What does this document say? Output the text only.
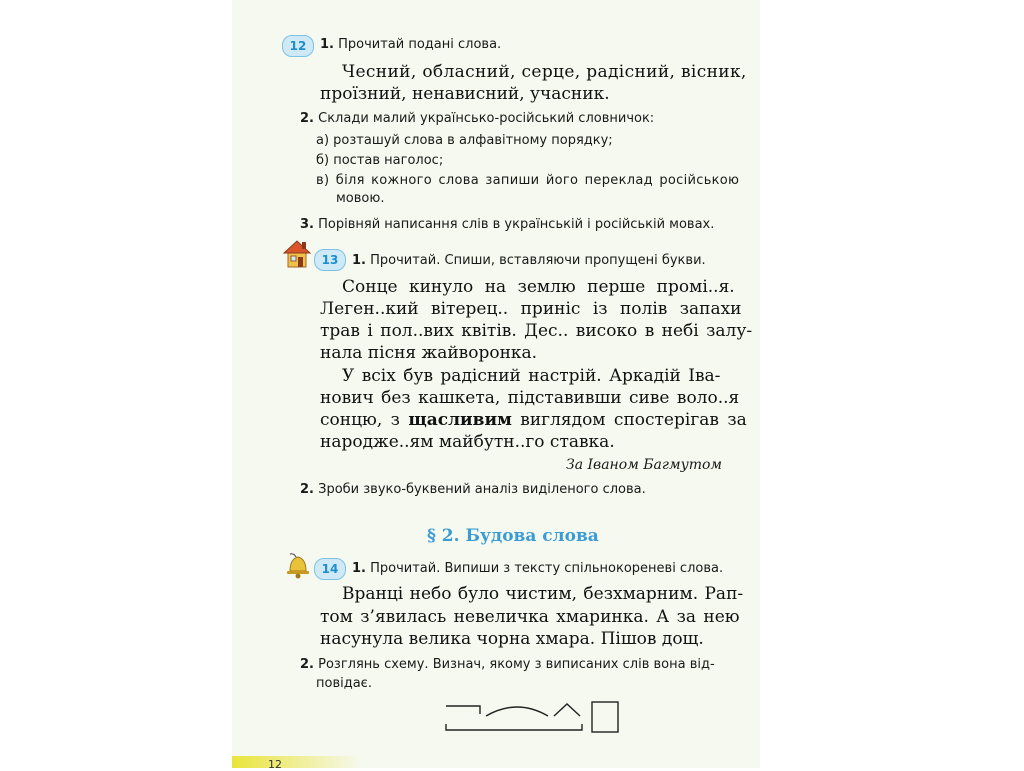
12	1. Прочитай подані слова.
Чесний, обласний, серце, радісний, вісник,
проїзний, ненависний, учасник.
2. Склади малий українсько-російський словничок:
а) розташуй слова в алфавітному порядку;
б) постав наголос;
в) біля кожного слова запиши його переклад російською
мовою.
3. Порівняй написання слів в українській і російській мовах.
13	1. Прочитай. Спиши, вставляючи пропущені букви.
Сонце кинуло на землю перше промі..я.
Леген..кий вітерец.. приніс із полів запахи
трав і пол..вих квітів. Дес.. високо в небі залу-
нала пісня жайворонка.
У всіх був радісний настрій. Аркадій Іва-
нович без кашкета, підставивши сиве воло..я
сонцю, з щасливим виглядом спостерігав за
народже..ям майбутн..го ставка.
За Іваном Багмутом
2. Зроби звуко-буквений аналіз виділеного слова.
§ 2. Будова слова
14	1. Прочитай. Випиши з тексту спільнокореневі слова.
Вранці небо було чистим, безхмарним. Рап-
том з’явилась невеличка хмаринка. А за нею
насунула велика чорна хмара. Пішов дощ.
2. Розглянь схему. Визнач, якому з виписаних слів вона від-
повідає.
12
